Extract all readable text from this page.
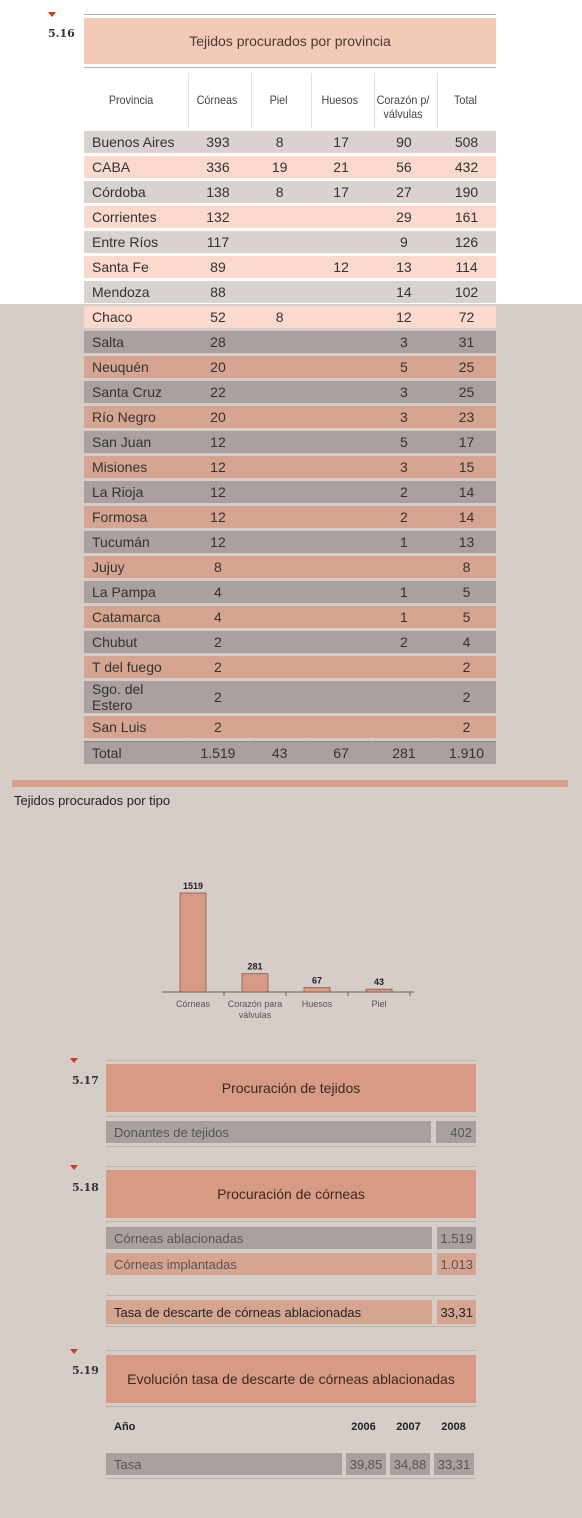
5.16	Tejidos procurados por provincia
Provincia	Córneas	Piel	Huesos	Corazón p/ válvulas	Total
Buenos Aires	393	8	17	90	508
CABA	336	19	21	56	432
Córdoba	138	8	17	27	190
Corrientes	132			29	161
Entre Ríos	117			9	126
Santa Fe	89		12	13	114
Mendoza	88			14	102
Chaco	52	8		12	72
Salta	28			3	31
Neuquén	20			5	25
Santa Cruz	22			3	25
Río Negro	20			3	23
San Juan	12			5	17
Misiones	12			3	15
La Rioja	12			2	14
Formosa	12			2	14
Tucumán	12			1	13
Jujuy	8				8
La Pampa	4			1	5
Catamarca	4			1	5
Chubut	2			2	4
T del fuego	2				2
Sgo. del Estero	2				2
San Luis	2				2
Total	1.519	43	67	281	1.910
Tejidos procurados por tipo
1519
Córneas
281
Corazón para
válvulas
67
Huesos
43
Piel
5.17	Procuración de tejidos
Donantes de tejidos	402
5.18	Procuración de córneas
Córneas ablacionadas	1.519
Córneas implantadas	1.013
Tasa de descarte de córneas ablacionadas	33,31
5.19
Evolución tasa de descarte de córneas ablacionadas
Año	2006	2007	2008
Tasa	39,85 34,88 33,31
